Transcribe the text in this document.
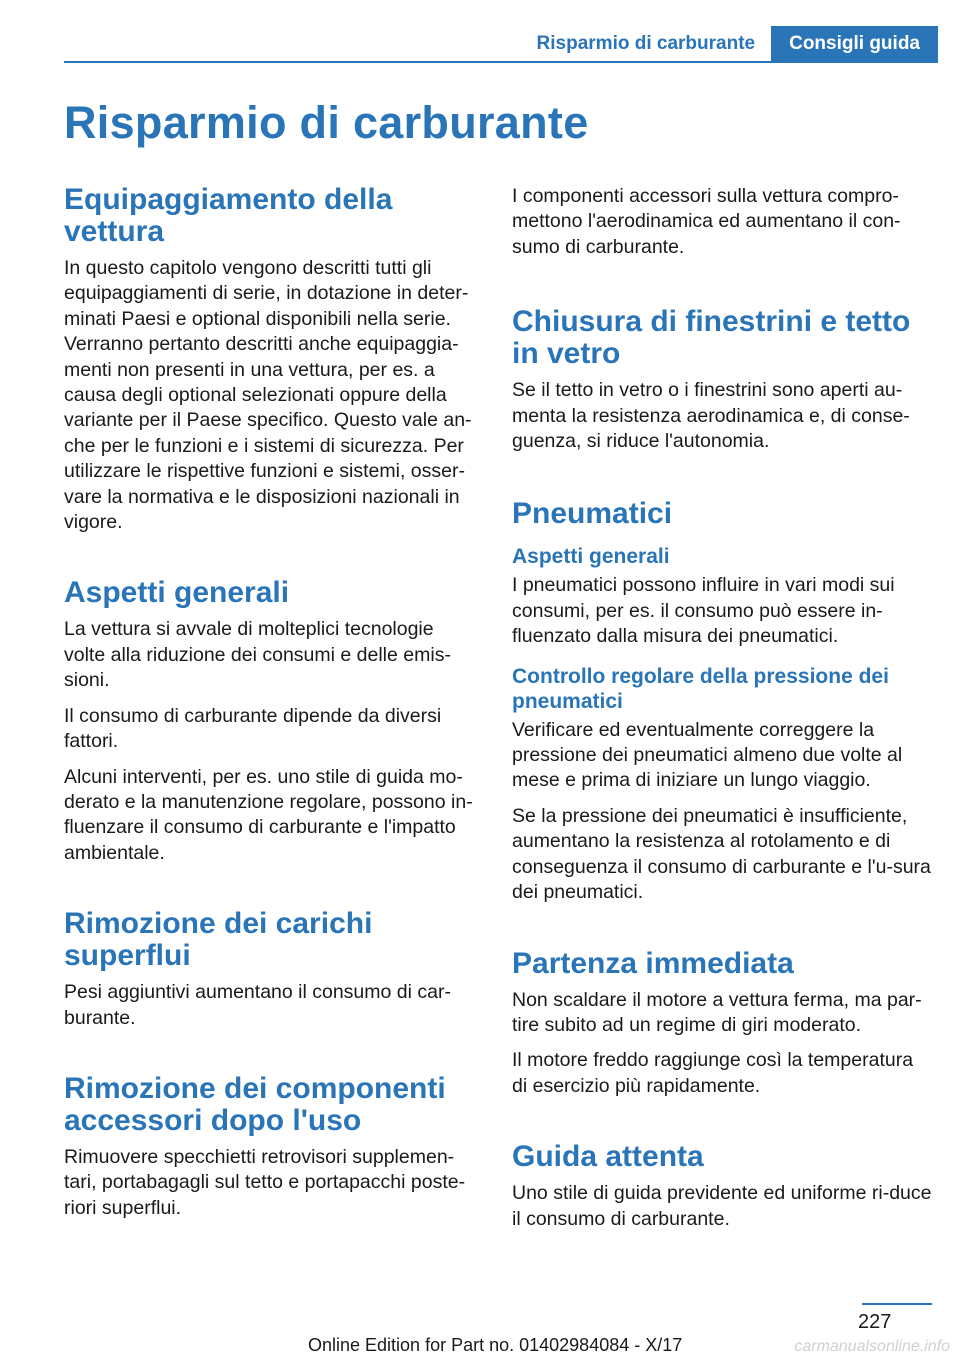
Risparmio di carburante	Consigli guida
Risparmio di carburante
Equipaggiamento della vettura

In questo capitolo vengono descritti tutti gli equipaggiamenti di serie, in dotazione in deter-minati Paesi e optional disponibili nella serie. Verranno pertanto descritti anche equipaggia-menti non presenti in una vettura, per es. a causa degli optional selezionati oppure della variante per il Paese specifico. Questo vale an-che per le funzioni e i sistemi di sicurezza. Per utilizzare le rispettive funzioni e sistemi, osser-vare la normativa e le disposizioni nazionali in vigore.

Aspetti generali

La vettura si avvale di molteplici tecnologie volte alla riduzione dei consumi e delle emis-sioni.

Il consumo di carburante dipende da diversi fattori.

Alcuni interventi, per es. uno stile di guida mo-derato e la manutenzione regolare, possono in-fluenzare il consumo di carburante e l'impatto ambientale.

Rimozione dei carichi superflui

Pesi aggiuntivi aumentano il consumo di car-burante.

Rimozione dei componenti accessori dopo l'uso

Rimuovere specchietti retrovisori supplemen-tari, portabagagli sul tetto e portapacchi poste-riori superflui.

I componenti accessori sulla vettura compro-mettono l'aerodinamica ed aumentano il con-sumo di carburante.

Chiusura di finestrini e tetto in vetro

Se il tetto in vetro o i finestrini sono aperti au-menta la resistenza aerodinamica e, di conse-guenza, si riduce l'autonomia.

Pneumatici
Aspetti generali

I pneumatici possono influire in vari modi sui consumi, per es. il consumo può essere in-fluenzato dalla misura dei pneumatici.

Controllo regolare della pressione dei pneumatici

Verificare ed eventualmente correggere la pressione dei pneumatici almeno due volte al mese e prima di iniziare un lungo viaggio.

Se la pressione dei pneumatici è insufficiente, aumentano la resistenza al rotolamento e di conseguenza il consumo di carburante e l'u-sura dei pneumatici.

Partenza immediata

Non scaldare il motore a vettura ferma, ma par-tire subito ad un regime di giri moderato.

Il motore freddo raggiunge così la temperatura di esercizio più rapidamente.

Guida attenta

Uno stile di guida previdente ed uniforme ri-duce il consumo di carburante.

227
Online Edition for Part no. 01402984084 - X/17	carmanualsonline.info
